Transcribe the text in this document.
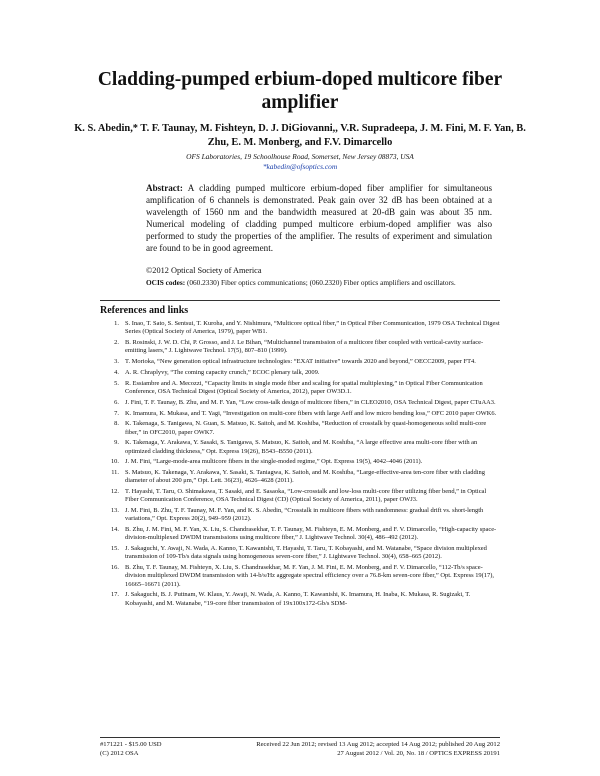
Cladding-pumped erbium-doped multicore fiber amplifier

K. S. Abedin,* T. F. Taunay, M. Fishteyn, D. J. DiGiovanni,, V.R. Supradeepa, J. M. Fini, M. F. Yan, B. Zhu, E. M. Monberg, and F.V. Dimarcello

OFS Laboratories, 19 Schoolhouse Road, Somerset, New Jersey 08873, USA
*kabedin@ofsoptics.com

Abstract: A cladding pumped multicore erbium-doped fiber amplifier for simultaneous amplification of 6 channels is demonstrated. Peak gain over 32 dB has been obtained at a wavelength of 1560 nm and the bandwidth measured at 20-dB gain was about 35 nm. Numerical modeling of cladding pumped multicore erbium-doped amplifier was also performed to study the properties of the amplifier. The results of experiment and simulation are found to be in good agreement.

©2012 Optical Society of America

OCIS codes: (060.2330) Fiber optics communications; (060.2320) Fiber optics amplifiers and oscillators.

References and links
1. S. Inao, T. Sato, S. Sentsui, T. Kuroha, and Y. Nishimura, “Multicore optical fiber,” in Optical Fiber Communication, 1979 OSA Technical Digest Series (Optical Society of America, 1979), paper WB1.
2. B. Rosinski, J. W. D. Chi, P. Grosso, and J. Le Bihan, “Multichannel transmission of a multicore fiber coupled with vertical-cavity surface-emitting lasers,” J. Lightwave Technol. 17(5), 807–810 (1999).
3. T. Morioka, “New generation optical infrastructure technologies: “EXAT initiative” towards 2020 and beyond,” OECC2009, paper FT4.
4. A. R. Chraplyvy, “The coming capacity crunch,” ECOC plenary talk, 2009.
5. R. Essiambre and A. Mecozzi, “Capacity limits in single mode fiber and scaling for spatial multiplexing,” in Optical Fiber Communication Conference, OSA Technical Digest (Optical Society of America, 2012), paper OW3D.1.
6. J. Fini, T. F. Taunay, B. Zhu, and M. F. Yan, “Low cross-talk design of multicore fibers,” in CLEO2010, OSA Technical Digest, paper CTuAA3.
7. K. Imamura, K. Mukasa, and T. Yagi, “Investigation on multi-core fibers with large Aeff and low micro bending loss,” OFC 2010 paper OWK6.
8. K. Takenaga, S. Tanigawa, N. Guan, S. Matsuo, K. Saitoh, and M. Koshiba, “Reduction of crosstalk by quasi-homogeneous solid multi-core fiber,” in OFC2010, paper OWK7.
9. K. Takenaga, Y. Arakawa, Y. Sasaki, S. Tanigawa, S. Matsuo, K. Saitoh, and M. Koshiba, “A large effective area multi-core fiber with an optimized cladding thickness,” Opt. Express 19(26), B543–B550 (2011).
10. J. M. Fini, “Large-mode-area multicore fibers in the single-moded regime,” Opt. Express 19(5), 4042–4046 (2011).
11. S. Matsuo, K. Takenaga, Y. Arakawa, Y. Sasaki, S. Taniagwa, K. Saitoh, and M. Koshiba, “Large-effective-area ten-core fiber with cladding diameter of about 200 μm,” Opt. Lett. 36(23), 4626–4628 (2011).
12. T. Hayashi, T. Taru, O. Shimakawa, T. Sasaki, and E. Sasaoka, “Low-crosstalk and low-loss multi-core fiber utilizing fiber bend,” in Optical Fiber Communication Conference, OSA Technical Digest (CD) (Optical Society of America, 2011), paper OWJ3.
13. J. M. Fini, B. Zhu, T. F. Taunay, M. F. Yan, and K. S. Abedin, “Crosstalk in multicore fibers with randomness: gradual drift vs. short-length variations,” Opt. Express 20(2), 949–959 (2012).
14. B. Zhu, J. M. Fini, M. F. Yan, X. Liu, S. Chandrasekhar, T. F. Taunay, M. Fishteyn, E. M. Monberg, and F. V. Dimarcello, “High-capacity space-division-multiplexed DWDM transmissions using multicore fiber,” J. Lightwave Technol. 30(4), 486–492 (2012).
15. J. Sakaguchi, Y. Awaji, N. Wada, A. Kanno, T. Kawanishi, T. Hayashi, T. Taru, T. Kobayashi, and M. Watanabe, “Space division multiplexed transmission of 109-Tb/s data signals using homogeneous seven-core fiber,” J. Lightwave Technol. 30(4), 658–665 (2012).
16. B. Zhu, T. F. Taunay, M. Fishteyn, X. Liu, S. Chandrasekhar, M. F. Yan, J. M. Fini, E. M. Monberg, and F. V. Dimarcello, “112-Tb/s space-division multiplexed DWDM transmission with 14-b/s/Hz aggregate spectral efficiency over a 76.8-km seven-core fiber,” Opt. Express 19(17), 16665–16671 (2011).
17. J. Sakaguchi, B. J. Puttnam, W. Klaus, Y. Awaji, N. Wada, A. Kanno, T. Kawanishi, K. Imamura, H. Inaba, K. Mukasa, R. Sugizaki, T. Kobayashi, and M. Watanabe, “19-core fiber transmission of 19x100x172-Gb/s SDM-
#171221 - $15.00 USD	Received 22 Jun 2012; revised 13 Aug 2012; accepted 14 Aug 2012; published 20 Aug 2012
(C) 2012 OSA	27 August 2012 / Vol. 20, No. 18 / OPTICS EXPRESS 20191
